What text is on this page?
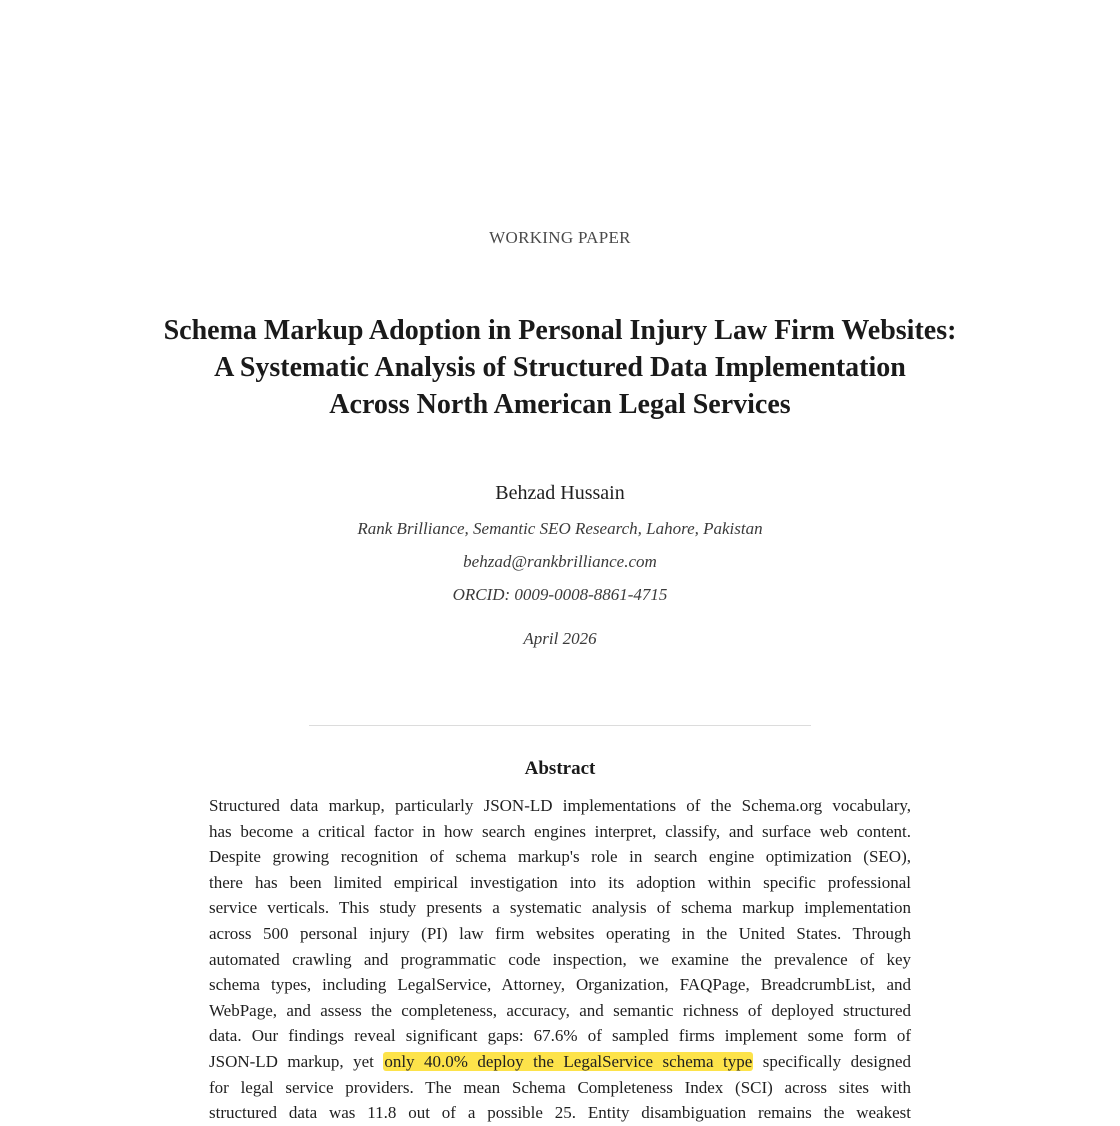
WORKING PAPER
Schema Markup Adoption in Personal Injury Law Firm Websites:
A Systematic Analysis of Structured Data Implementation
Across North American Legal Services
Behzad Hussain
Rank Brilliance, Semantic SEO Research, Lahore, Pakistan
behzad@rankbrilliance.com
ORCID: 0009-0008-8861-4715
April 2026
Abstract
Structured data markup, particularly JSON-LD implementations of the Schema.org vocabulary,
has become a critical factor in how search engines interpret, classify, and surface web content.
Despite growing recognition of schema markup's role in search engine optimization (SEO),
there has been limited empirical investigation into its adoption within specific professional
service verticals. This study presents a systematic analysis of schema markup implementation
across 500 personal injury (PI) law firm websites operating in the United States. Through
automated crawling and programmatic code inspection, we examine the prevalence of key
schema types, including LegalService, Attorney, Organization, FAQPage, BreadcrumbList, and
WebPage, and assess the completeness, accuracy, and semantic richness of deployed structured
data. Our findings reveal significant gaps: 67.6% of sampled firms implement some form of
JSON-LD markup, yet only 40.0% deploy the LegalService schema type specifically designed
for legal service providers. The mean Schema Completeness Index (SCI) across sites with
structured data was 11.8 out of a possible 25. Entity disambiguation remains the weakest
